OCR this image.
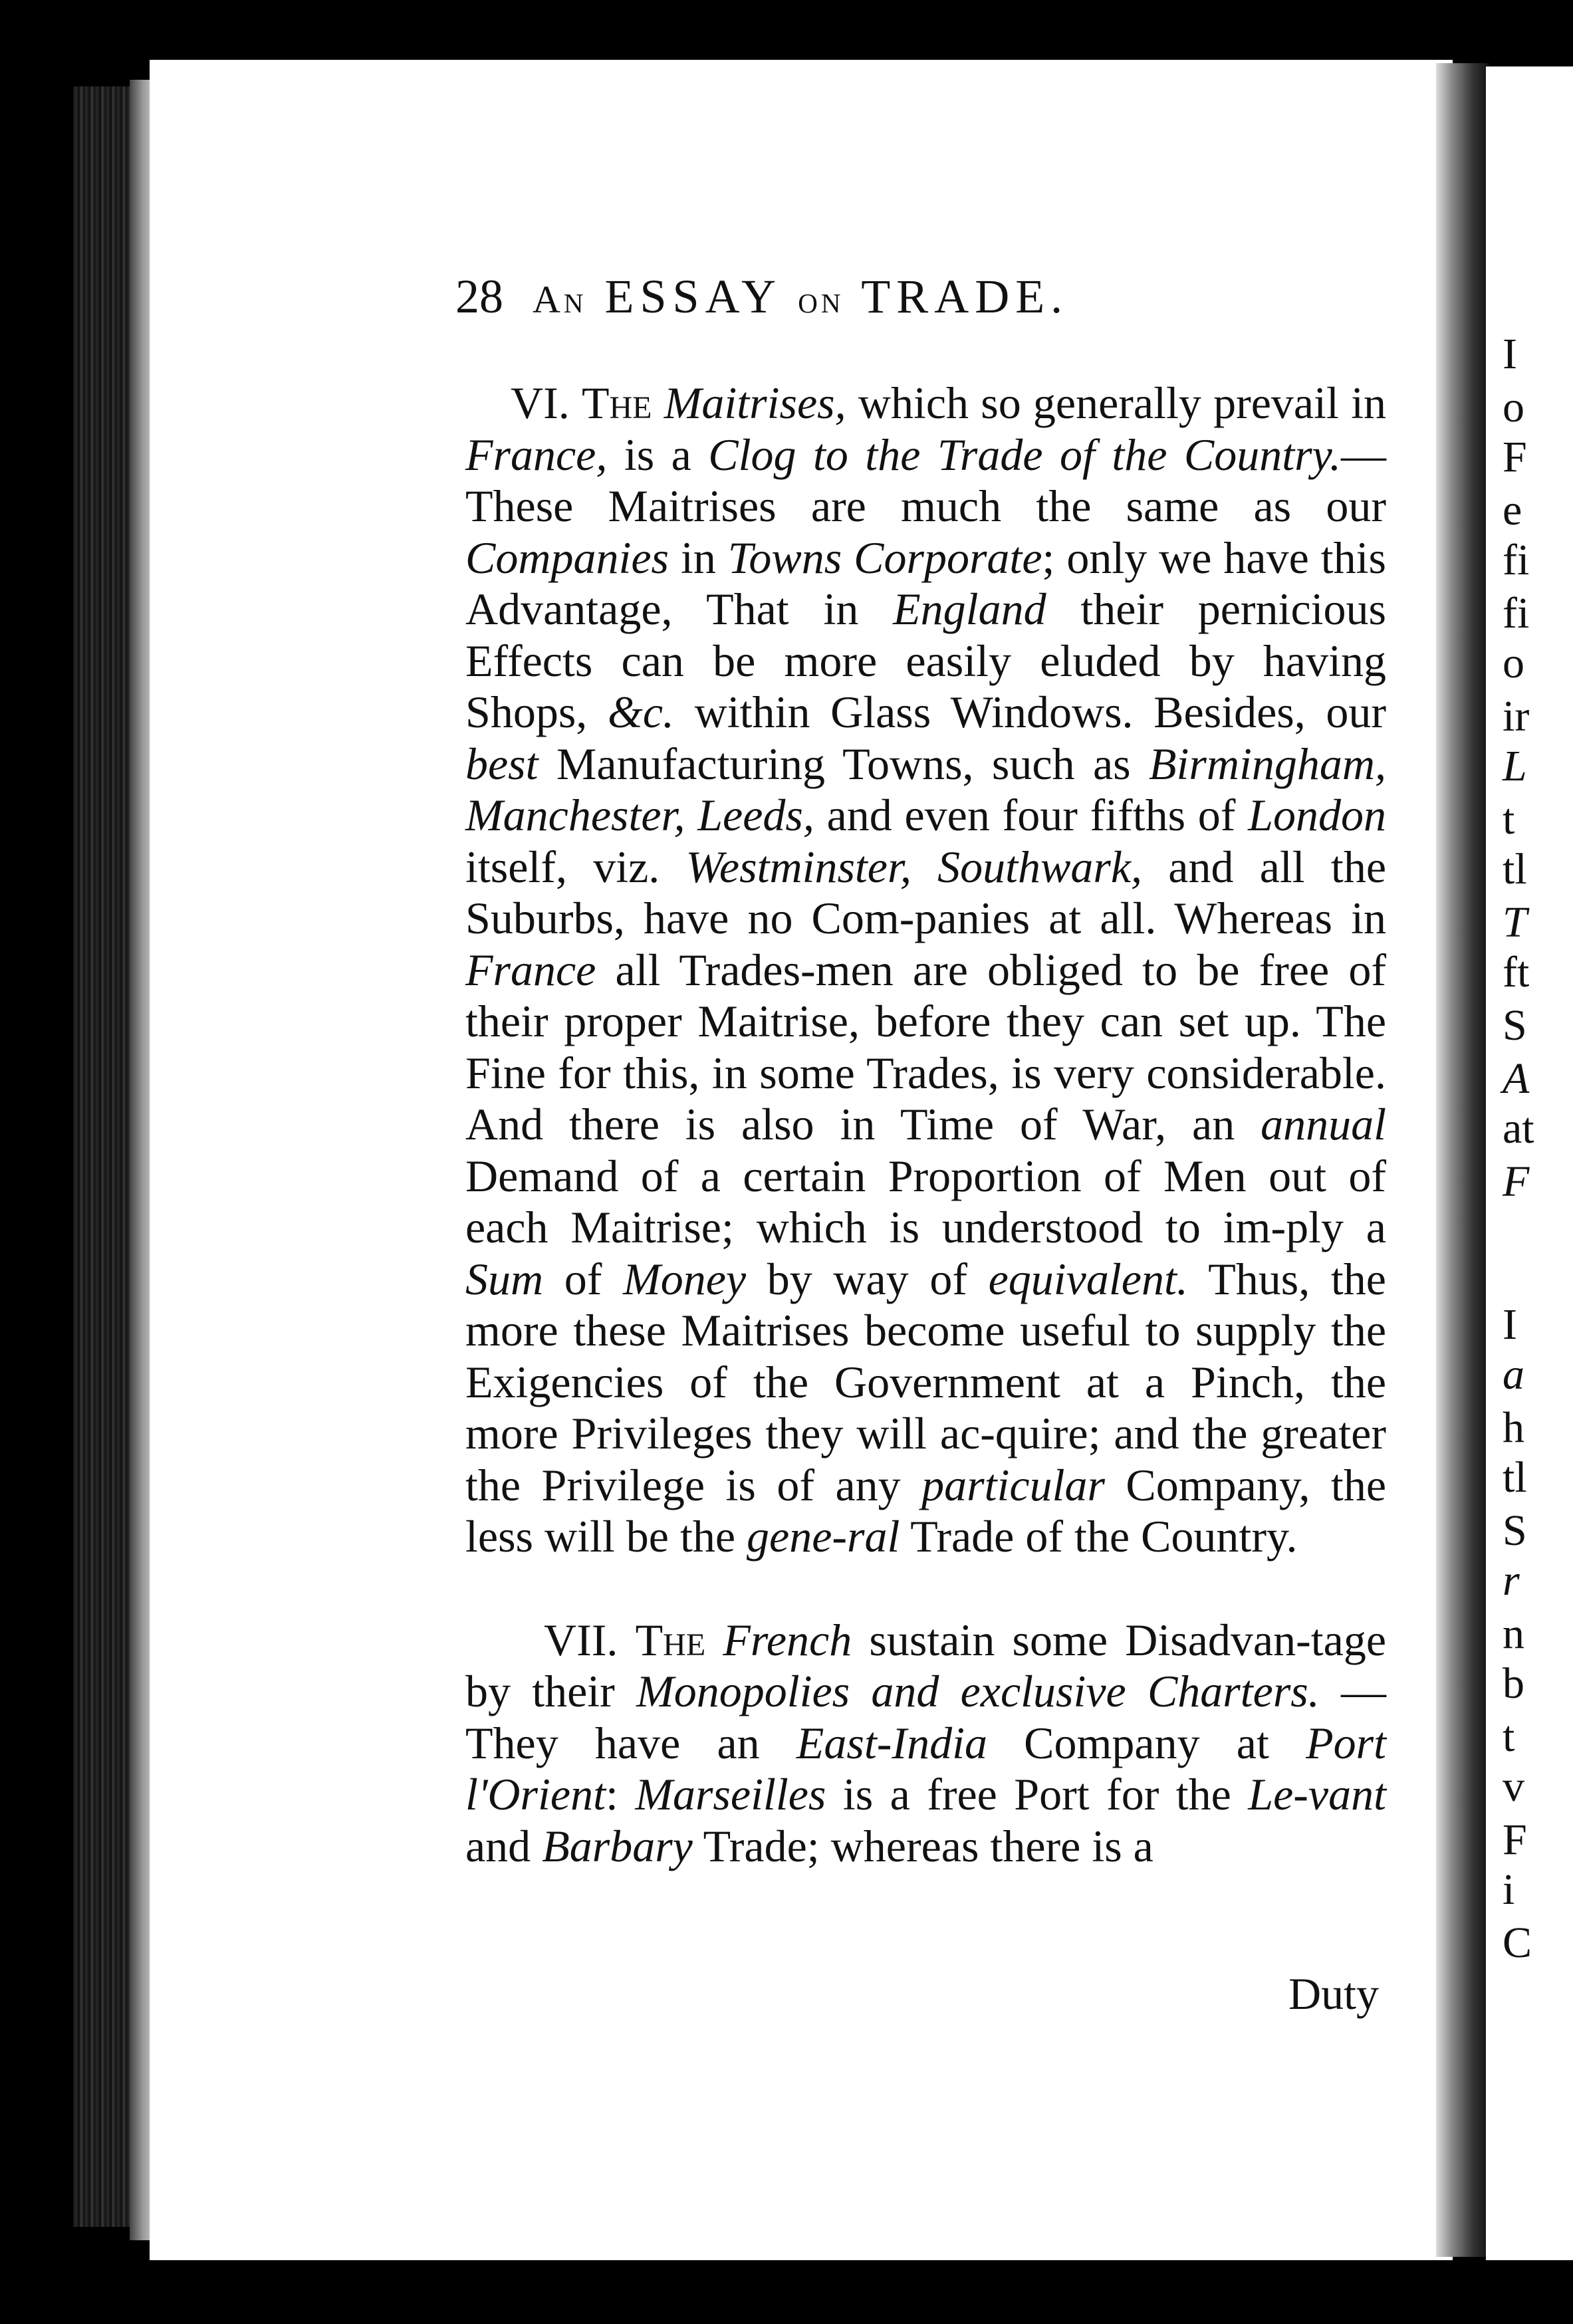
I
o
F
e
fi
fi
o
ir
L
t
tl
T
ft
S
A
at
F
I
a
h
tl
S
r
n
b
t
v
F
i
C
28 An ESSAY on TRADE.

VI. The Maitrises, which so generally prevail in France, is a Clog to the Trade of the Country.—These Maitrises are much the same as our Companies in Towns Corporate; only we have this Advantage, That in England their pernicious Effects can be more easily eluded by having Shops, &c. within Glass Windows. Besides, our best Manufacturing Towns, such as Birmingham, Manchester, Leeds, and even four fifths of London itself, viz. Westminster, Southwark, and all the Suburbs, have no Com-panies at all. Whereas in France all Trades-men are obliged to be free of their proper Maitrise, before they can set up. The Fine for this, in some Trades, is very considerable. And there is also in Time of War, an annual Demand of a certain Proportion of Men out of each Maitrise; which is understood to im-ply a Sum of Money by way of equivalent. Thus, the more these Maitrises become useful to supply the Exigencies of the Government at a Pinch, the more Privileges they will ac-quire; and the greater the Privilege is of any particular Company, the less will be the gene-ral Trade of the Country.

VII. The French sustain some Disadvan-tage by their Monopolies and exclusive Charters. —They have an East-India Company at Port l'Orient: Marseilles is a free Port for the Le-vant and Barbary Trade; whereas there is a

Duty
